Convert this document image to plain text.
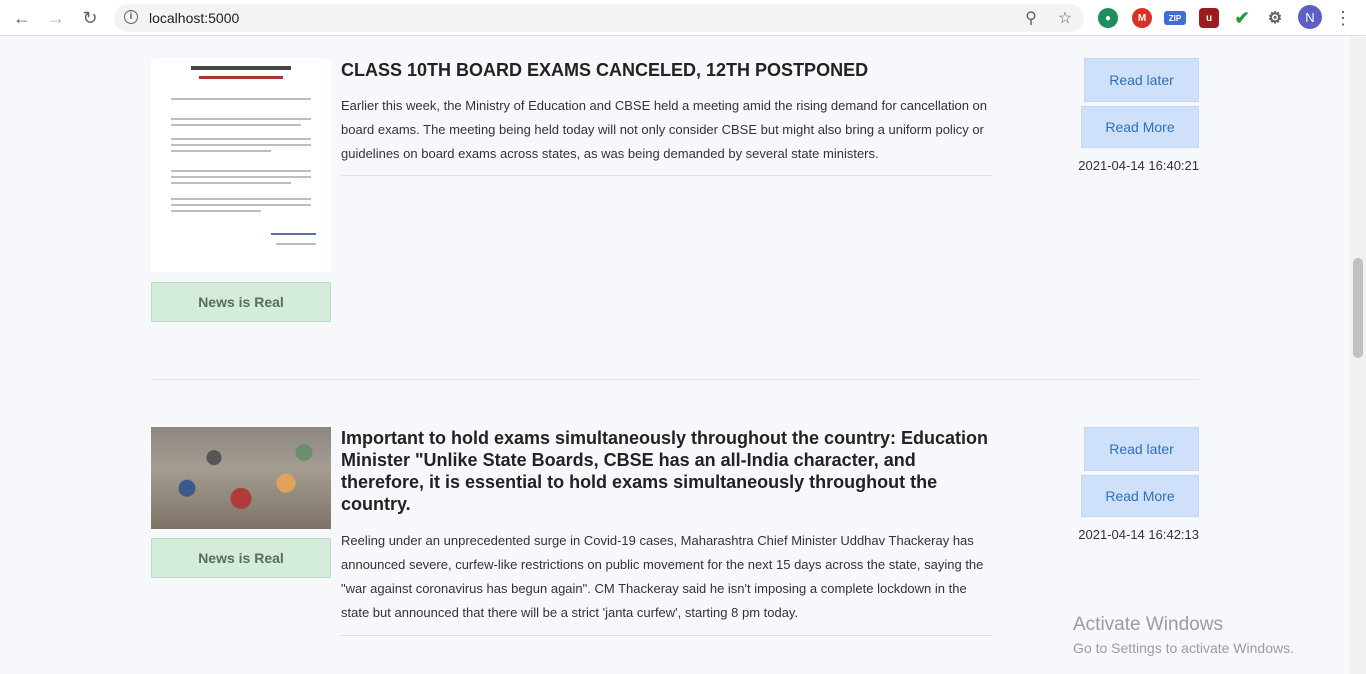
← → ↻	i	localhost:5000	⚲ ☆	●	M	ZIP	u	✔ ⚙ N ⋮
News is Real
CLASS 10TH BOARD EXAMS CANCELED, 12TH POSTPONED

Earlier this week, the Ministry of Education and CBSE held a meeting amid the rising demand for cancellation on board exams. The meeting being held today will not only consider CBSE but might also bring a uniform policy or guidelines on board exams across states, as was being demanded by several state ministers.

Read later
Read More
2021-04-14 16:40:21
News is Real
Important to hold exams simultaneously throughout the country: Education Minister "Unlike State Boards, CBSE has an all-India character, and therefore, it is essential to hold exams simultaneously throughout the country.

Reeling under an unprecedented surge in Covid-19 cases, Maharashtra Chief Minister Uddhav Thackeray has announced severe, curfew-like restrictions on public movement for the next 15 days across the state, saying the "war against coronavirus has begun again". CM Thackeray said he isn't imposing a complete lockdown in the state but announced that there will be a strict 'janta curfew', starting 8 pm today.

Read later
Read More
2021-04-14 16:42:13
Activate Windows
Go to Settings to activate Windows.
